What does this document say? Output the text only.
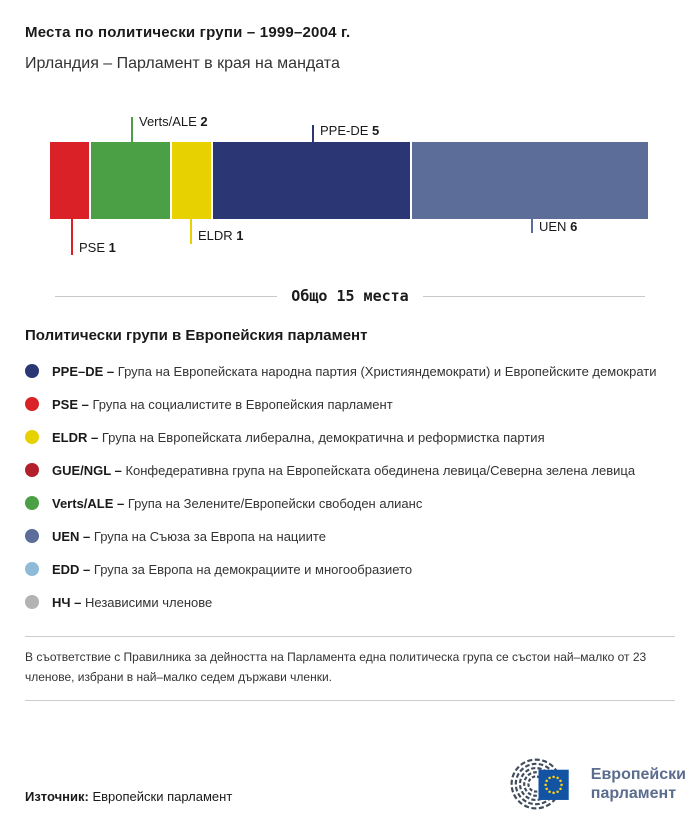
Места по политически групи – 1999–2004 г.
Ирландия – Парламент в края на мандата
PSE 1
Verts/ALE 2
ELDR 1
PPE-DE 5
UEN 6
Общо 15 места
Политически групи в Европейския парламент
PPE–DE – Група на Европейската народна партия (Християндемократи) и Европейските демократи
PSE – Група на социалистите в Европейския парламент
ELDR – Група на Европейската либерална, демократична и реформистка партия
GUE/NGL – Конфедеративна група на Европейската обединена левица/Северна зелена левица
Verts/ALE – Група на Зелените/Европейски свободен алианс
UEN – Група на Съюза за Европа на нациите
EDD – Група за Европа на демокрациите и многообразието
НЧ – Независими членове
В съответствие с Правилника за дейността на Парламента една политическа група се състои най–малко от 23 членове, избрани в най–малко седем държави членки.
Източник: Европейски парламент
Европейски
парламент
